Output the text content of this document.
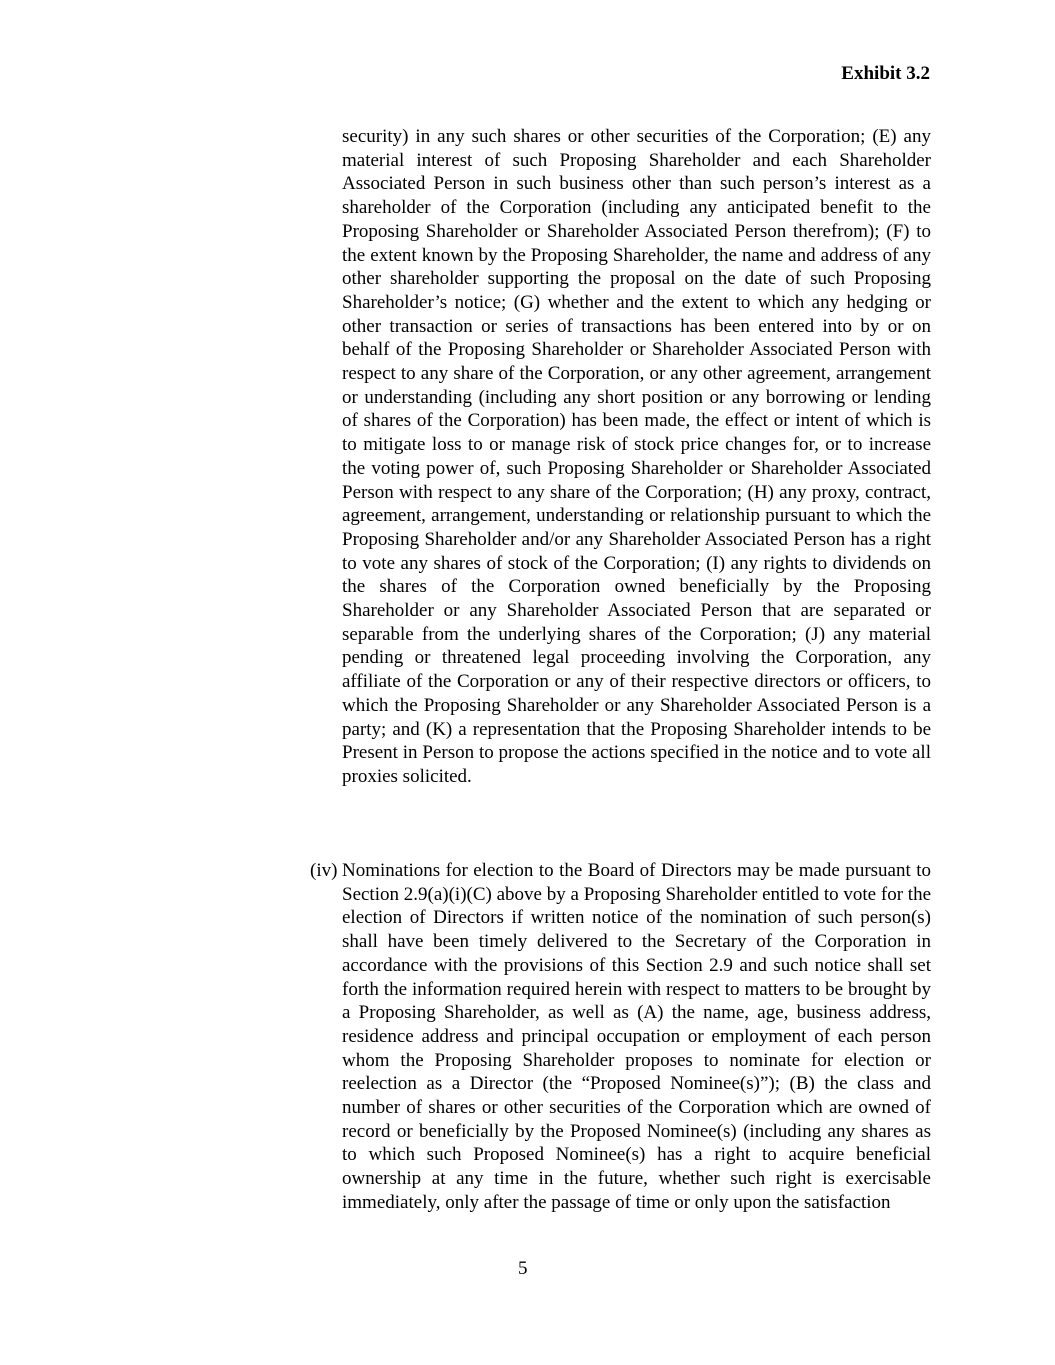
Exhibit 3.2

security) in any such shares or other securities of the Corporation; (E) any material interest of such Proposing Shareholder and each Shareholder Associated Person in such business other than such person’s interest as a shareholder of the Corporation (including any anticipated benefit to the Proposing Shareholder or Shareholder Associated Person therefrom); (F) to the extent known by the Proposing Shareholder, the name and address of any other shareholder supporting the proposal on the date of such Proposing Shareholder’s notice; (G) whether and the extent to which any hedging or other transaction or series of transactions has been entered into by or on behalf of the Proposing Shareholder or Shareholder Associated Person with respect to any share of the Corporation, or any other agreement, arrangement or understanding (including any short position or any borrowing or lending of shares of the Corporation) has been made, the effect or intent of which is to mitigate loss to or manage risk of stock price changes for, or to increase the voting power of, such Proposing Shareholder or Shareholder Associated Person with respect to any share of the Corporation; (H) any proxy, contract, agreement, arrangement, understanding or relationship pursuant to which the Proposing Shareholder and/or any Shareholder Associated Person has a right to vote any shares of stock of the Corporation; (I) any rights to dividends on the shares of the Corporation owned beneficially by the Proposing Shareholder or any Shareholder Associated Person that are separated or separable from the underlying shares of the Corporation; (J) any material pending or threatened legal proceeding involving the Corporation, any affiliate of the Corporation or any of their respective directors or officers, to which the Proposing Shareholder or any Shareholder Associated Person is a party; and (K) a representation that the Proposing Shareholder intends to be Present in Person to propose the actions specified in the notice and to vote all proxies solicited.

(iv) Nominations for election to the Board of Directors may be made pursuant to Section 2.9(a)(i)(C) above by a Proposing Shareholder entitled to vote for the election of Directors if written notice of the nomination of such person(s) shall have been timely delivered to the Secretary of the Corporation in accordance with the provisions of this Section 2.9 and such notice shall set forth the information required herein with respect to matters to be brought by a Proposing Shareholder, as well as (A) the name, age, business address, residence address and principal occupation or employment of each person whom the Proposing Shareholder proposes to nominate for election or reelection as a Director (the “Proposed Nominee(s)”); (B) the class and number of shares or other securities of the Corporation which are owned of record or beneficially by the Proposed Nominee(s) (including any shares as to which such Proposed Nominee(s) has a right to acquire beneficial ownership at any time in the future, whether such right is exercisable immediately, only after the passage of time or only upon the satisfaction
5
